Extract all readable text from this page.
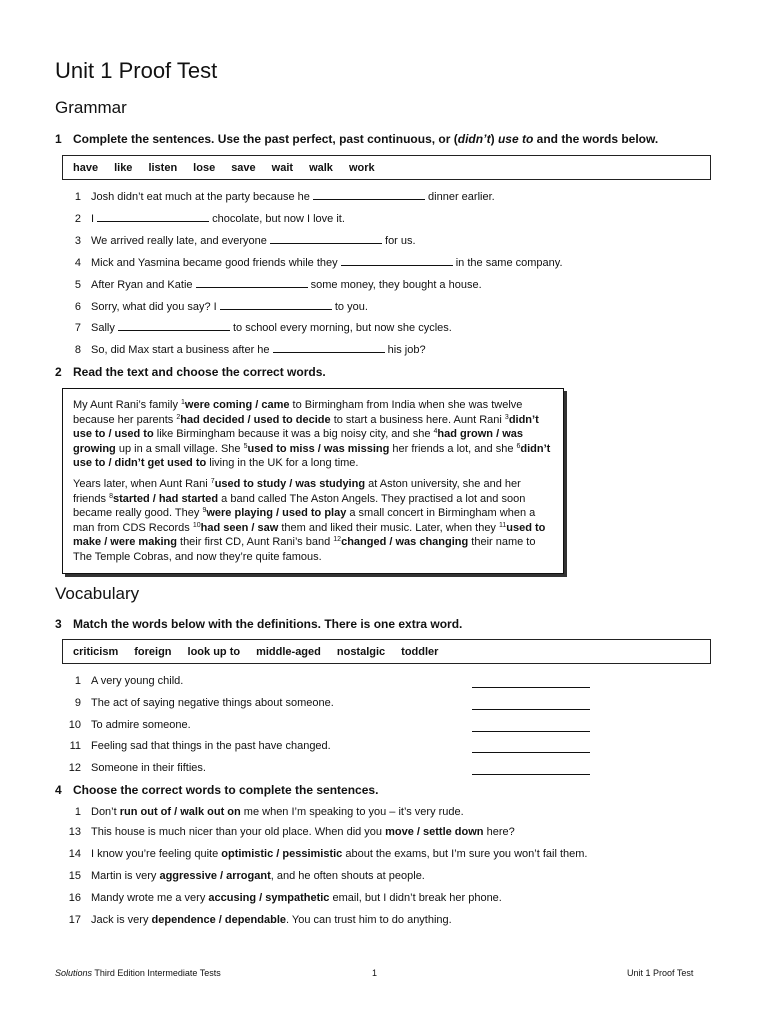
Unit 1 Proof Test
Grammar
1 Complete the sentences. Use the past perfect, past continuous, or (didn’t) use to and the words below.
have like listen lose save wait walk work
1 Josh didn’t eat much at the party because he	dinner earlier.
2 I	chocolate, but now I love it.
3 We arrived really late, and everyone	for us.
4 Mick and Yasmina became good friends while they	in the same company.
5 After Ryan and Katie	some money, they bought a house.
6 Sorry, what did you say? I	to you.
7 Sally	to school every morning, but now she cycles.
8 So, did Max start a business after he	his job?
2 Read the text and choose the correct words.

My Aunt Rani’s family $^1$were coming / came to Birmingham from India when she was twelve because her parents $^2$had decided / used to decide to start a business here. Aunt Rani $^3$didn’t use to / used to like Birmingham because it was a big noisy city, and she $^4$had grown / was growing up in a small village. She $^5$used to miss / was missing her friends a lot, and she $^6$didn’t use to / didn’t get used to living in the UK for a long time.

Years later, when Aunt Rani $^7$used to study / was studying at Aston university, she and her friends $^8$started / had started a band called The Aston Angels. They practised a lot and soon became really good. They $^9$were playing / used to play a small concert in Birmingham when a man from CDS Records $^{10}$had seen / saw them and liked their music. Later, when they $^{11}$used to make / were making their first CD, Aunt Rani’s band $^{12}$changed / was changing their name to The Temple Cobras, and now they’re quite famous.

Vocabulary
3 Match the words below with the definitions. There is one extra word.
criticism foreign look up to middle-aged nostalgic toddler
1 A very young child.
9 The act of saying negative things about someone.
10 To admire someone.
11 Feeling sad that things in the past have changed.
12 Someone in their fifties.
4 Choose the correct words to complete the sentences.
1 Don’t run out of / walk out on me when I’m speaking to you – it’s very rude.
13 This house is much nicer than your old place. When did you move / settle down here?
14 I know you’re feeling quite optimistic / pessimistic about the exams, but I’m sure you won’t fail them.
15 Martin is very aggressive / arrogant, and he often shouts at people.
16 Mandy wrote me a very accusing / sympathetic email, but I didn’t break her phone.
17 Jack is very dependence / dependable. You can trust him to do anything.
Solutions Third Edition Intermediate Tests	1	Unit 1 Proof Test
